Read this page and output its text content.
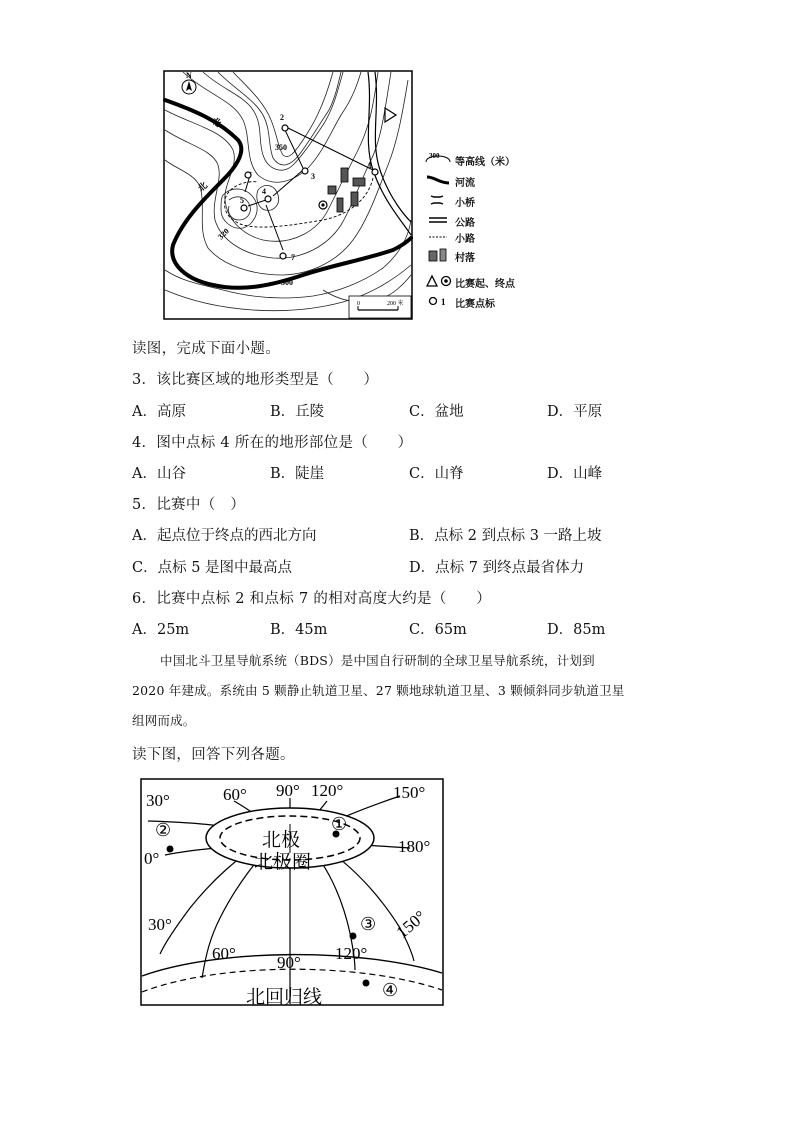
N
350
320
300
1
2
3
4
5
7
北
北
0	200 米
300
等高线（米）
河流
小桥
公路
小路
村落
比赛起、终点
1 比赛点标
读图，完成下面小题。
3．该比赛区域的地形类型是（　　）
A．高原	B．丘陵	C．盆地	D．平原
4．图中点标 4 所在的地形部位是（　　）
A．山谷	B．陡崖	C．山脊	D．山峰
5．比赛中（　）
A．起点位于终点的西北方向	B．点标 2 到点标 3 一路上坡
C．点标 5 是图中最高点	D．点标 7 到终点最省体力
6．比赛中点标 2 和点标 7 的相对高度大约是（　　）
A．25m	B．45m	C．65m	D．85m
中国北斗卫星导航系统（BDS）是中国自行研制的全球卫星导航系统，计划到
2020 年建成。系统由 5 颗静止轨道卫星、27 颗地球轨道卫星、3 颗倾斜同步轨道卫星
组网而成。
读下图，回答下列各题。
30°	60° 90° 120°	150°
0°
180°
30°
60° 90° 120°
150°
北极
北极圈
北回归线
①
②
③
④
